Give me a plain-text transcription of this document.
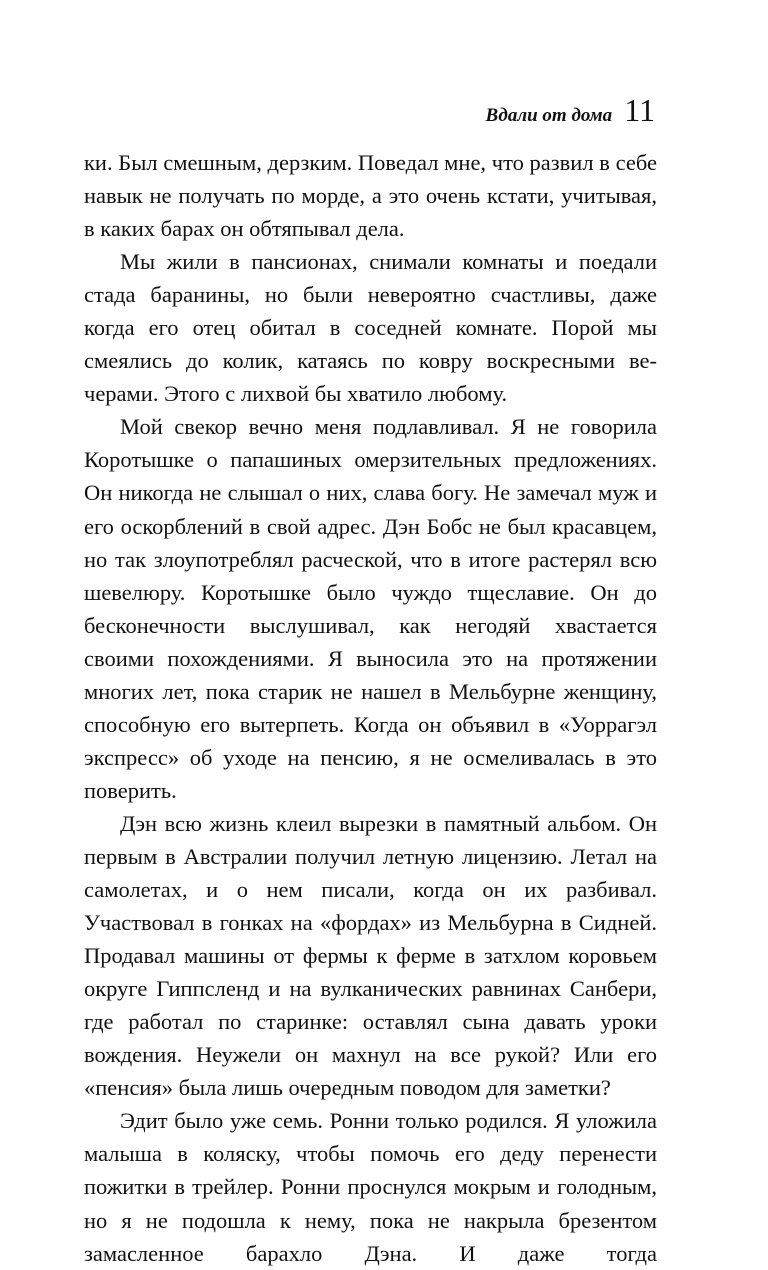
Вдали от дома 11

ки. Был смешным, дерзким. Поведал мне, что развил в себе навык не получать по морде, а это очень кстати, учитывая, в каких барах он обтяпывал дела.

Мы жили в пансионах, снимали комнаты и поедали стада баранины, но были невероятно счастливы, даже когда его отец обитал в соседней комнате. Порой мы смеялись до колик, катаясь по ковру воскресными вечерами. Этого с лихвой бы хватило любому.

Мой свекор вечно меня подлавливал. Я не говорила Коротышке о папашиных омерзительных предложениях. Он никогда не слышал о них, слава богу. Не замечал муж и его оскорблений в свой адрес. Дэн Бобс не был красавцем, но так злоупотреблял расческой, что в итоге растерял всю шевелюру. Коротышке было чуждо тщеславие. Он до бесконечности выслушивал, как негодяй хвастается своими похождениями. Я выносила это на протяжении многих лет, пока старик не нашел в Мельбурне женщину, способную его вытерпеть. Когда он объявил в «Уоррагэл экспресс» об уходе на пенсию, я не осмеливалась в это поверить.

Дэн всю жизнь клеил вырезки в памятный альбом. Он первым в Австралии получил летную лицензию. Летал на самолетах, и о нем писали, когда он их разбивал. Участвовал в гонках на «фордах» из Мельбурна в Сидней. Продавал машины от фермы к ферме в затхлом коровьем округе Гиппсленд и на вулканических равнинах Санбери, где работал по старинке: оставлял сына давать уроки вождения. Неужели он махнул на все рукой? Или его «пенсия» была лишь очередным поводом для заметки?

Эдит было уже семь. Ронни только родился. Я уложила малыша в коляску, чтобы помочь его деду перенести пожитки в трейлер. Ронни проснулся мокрым и голодным, но я не подошла к нему, пока не накрыла брезентом замасленное барахло Дэна. И даже тогда
